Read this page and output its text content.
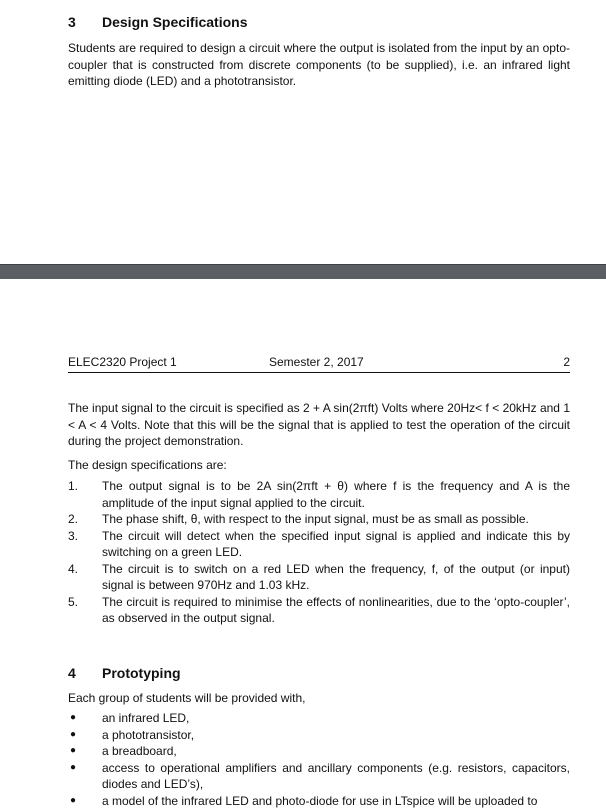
3 Design Specifications
Students are required to design a circuit where the output is isolated from the input by an opto-coupler that is constructed from discrete components (to be supplied), i.e. an infrared light emitting diode (LED) and a phototransistor.
ELEC2320 Project 1	Semester 2, 2017	2
The input signal to the circuit is specified as 2 + A sin(2πft) Volts where 20Hz< f < 20kHz and 1 < A < 4 Volts. Note that this will be the signal that is applied to test the operation of the circuit during the project demonstration.
The design specifications are:
1. The output signal is to be 2A sin(2πft + θ) where f is the frequency and A is the amplitude of the input signal applied to the circuit.
2. The phase shift, θ, with respect to the input signal, must be as small as possible.
3. The circuit will detect when the specified input signal is applied and indicate this by switching on a green LED.
4. The circuit is to switch on a red LED when the frequency, f, of the output (or input) signal is between 970Hz and 1.03 kHz.
5. The circuit is required to minimise the effects of nonlinearities, due to the ‘opto-coupler’, as observed in the output signal.
4 Prototyping
Each group of students will be provided with,
● an infrared LED,
● a phototransistor,
● a breadboard,
● access to operational amplifiers and ancillary components (e.g. resistors, capacitors, diodes and LED’s),
● a model of the infrared LED and photo-diode for use in LTspice will be uploaded to
